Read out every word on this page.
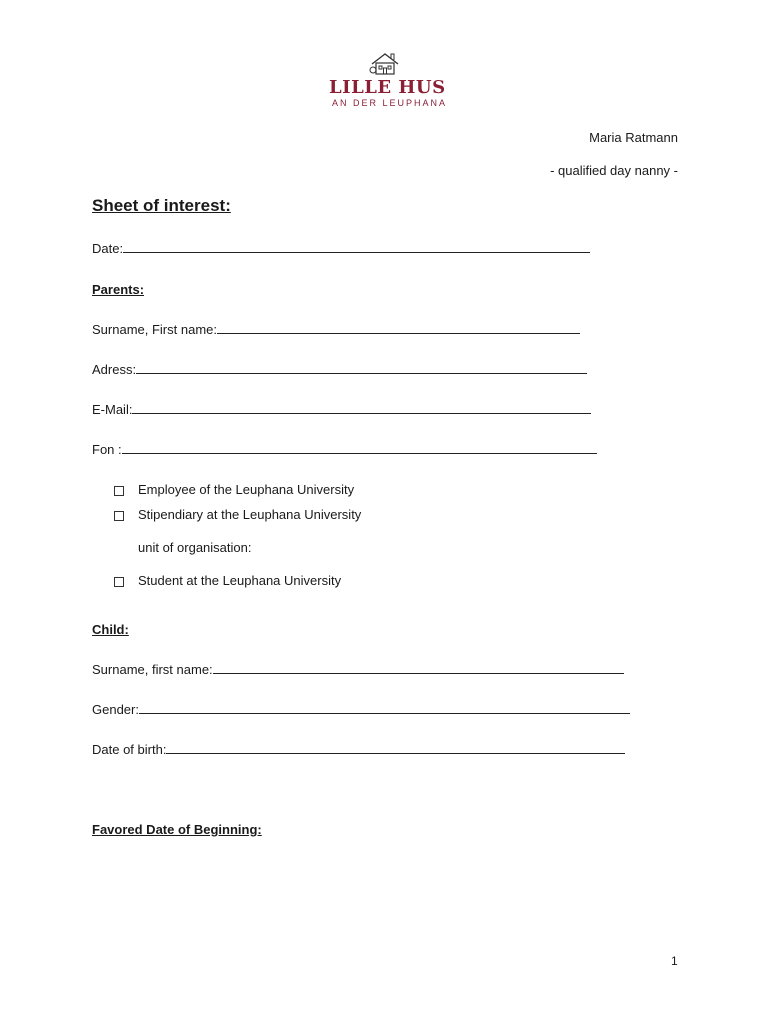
LILLE HUS
AN DER LEUPHANA
Maria Ratmann
- qualified day nanny -
Sheet of interest:
Date:
Parents:
Surname, First name:
Adress:
E-Mail:
Fon :
Employee of the Leuphana University
Stipendiary at the Leuphana University
unit of organisation:
Student at the Leuphana University
Child:
Surname, first name:
Gender:
Date of birth:
Favored Date of Beginning:
1
